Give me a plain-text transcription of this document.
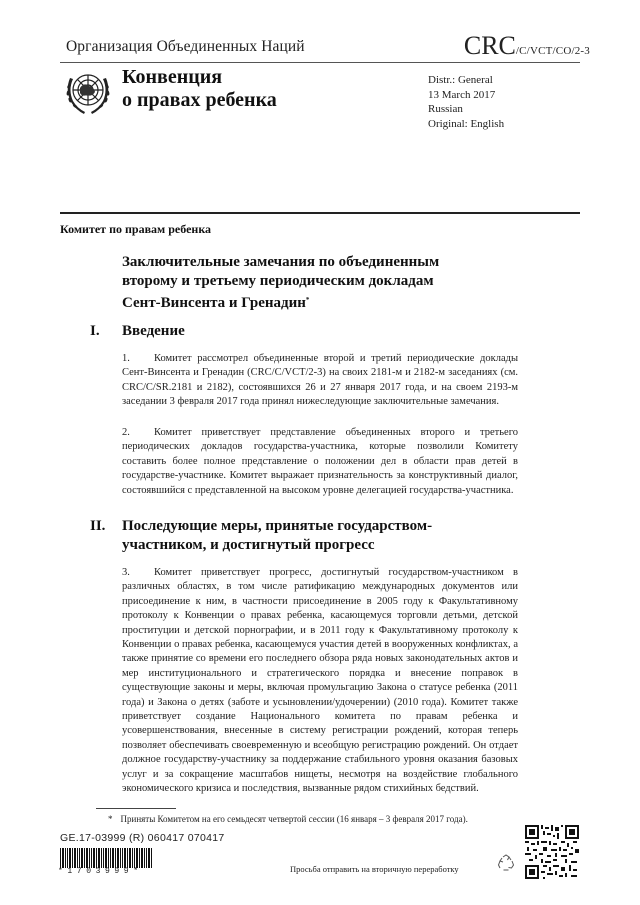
Организация Объединенных Наций	CRC/C/VCT/CO/2-3
Конвенция
о правах ребенка
Distr.: General
13 March 2017
Russian
Original: English
Комитет по правам ребенка
Заключительные замечания по объединенным
второму и третьему периодическим докладам
Сент-Винсента и Гренадин*
I. Введение
1. Комитет рассмотрел объединенные второй и третий периодические доклады Сент-Винсента и Гренадин (CRC/C/VCT/2-3) на своих 2181-м и 2182-м заседаниях (см. CRC/C/SR.2181 и 2182), состоявшихся 26 и 27 января 2017 года, и на своем 2193-м заседании 3 февраля 2017 года принял нижеследующие заключительные замечания.
2. Комитет приветствует представление объединенных второго и третьего периодических докладов государства-участника, которые позволили Комитету составить более полное представление о положении дел в области прав детей в государстве-участнике. Комитет выражает признательность за конструктивный диалог, состоявшийся с представленной на высоком уровне делегацией государства-участника.
II. Последующие меры, принятые государством-участником, и достигнутый прогресс
3. Комитет приветствует прогресс, достигнутый государством-участником в различных областях, в том числе ратификацию международных документов или присоединение к ним, в частности присоединение в 2005 году к Факультативному протоколу к Конвенции о правах ребенка, касающемуся торговли детьми, детской проституции и детской порнографии, и в 2011 году к Факультативному протоколу к Конвенции о правах ребенка, касающемуся участия детей в вооруженных конфликтах, а также принятие со времени его последнего обзора ряда новых законодательных актов и мер институционального и стратегического порядка и внесение поправок в существующие законы и меры, включая промульгацию Закона о статусе ребенка (2011 года) и Закона о детях (заботе и усыновлении/удочерении) (2010 года). Комитет также приветствует создание Национального комитета по правам ребенка и усовершенствования, внесенные в систему регистрации рождений, которая теперь позволяет обеспечивать своевременную и всеобщую регистрацию рождений. Он отдает должное государству-участнику за поддержание стабильного уровня оказания базовых услуг и за сокращение масштабов нищеты, несмотря на воздействие глобального экономического кризиса и последствия, вызванные рядом стихийных бедствий.
* Приняты Комитетом на его семьдесят четвертой сессии (16 января – 3 февраля 2017 года).
GE.17-03999 (R) 060417 070417
*1703999*	Просьба отправить на вторичную переработку
